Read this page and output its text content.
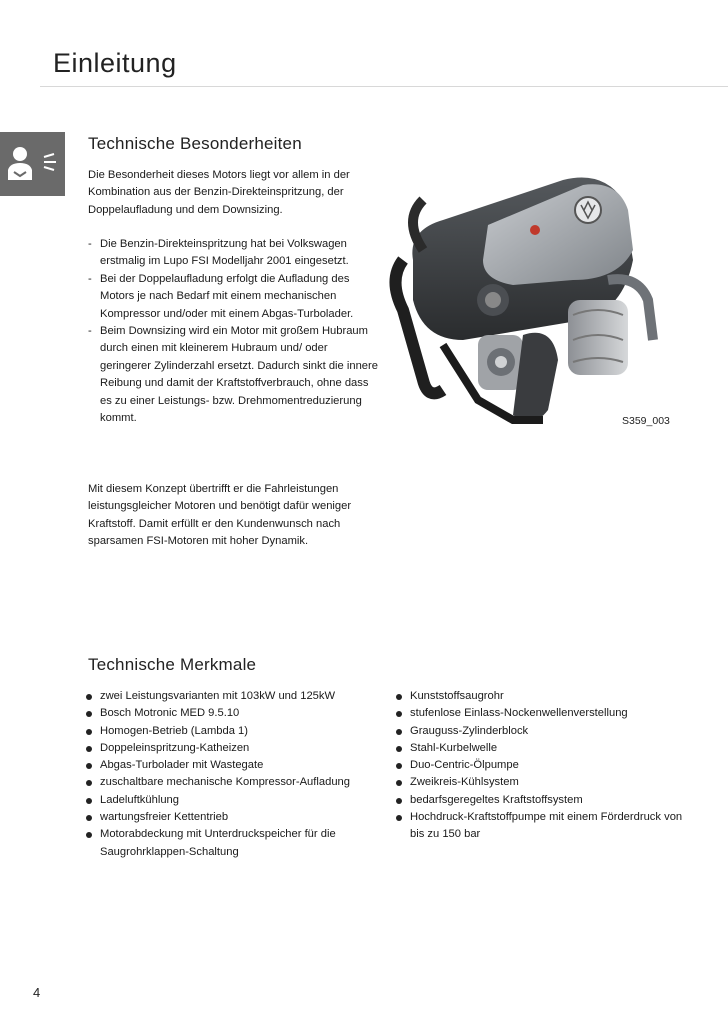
Einleitung
Technische Besonderheiten

Die Besonderheit dieses Motors liegt vor allem in der Kombination aus der Benzin-Direkteinspritzung, der Doppelaufladung und dem Downsizing.

- Die Benzin-Direkteinspritzung hat bei Volkswagen erstmalig im Lupo FSI Modelljahr 2001 eingesetzt.
- Bei der Doppelaufladung erfolgt die Aufladung des Motors je nach Bedarf mit einem mechanischen Kompressor und/oder mit einem Abgas-Turbolader.
- Beim Downsizing wird ein Motor mit großem Hubraum durch einen mit kleinerem Hubraum und/ oder geringerer Zylinderzahl ersetzt. Dadurch sinkt die innere Reibung und damit der Kraftstoffverbrauch, ohne dass es zu einer Leistungs- bzw. Drehmomentreduzierung kommt.

Mit diesem Konzept übertrifft er die Fahrleistungen leistungsgleicher Motoren und benötigt dafür weniger Kraftstoff. Damit erfüllt er den Kundenwunsch nach sparsamen FSI-Motoren mit hoher Dynamik.

S359_003
Technische Merkmale
zwei Leistungsvarianten mit 103kW und 125kW
Bosch Motronic MED 9.5.10
Homogen-Betrieb (Lambda 1)
Doppeleinspritzung-Katheizen
Abgas-Turbolader mit Wastegate
zuschaltbare mechanische Kompressor-Aufladung
Ladeluftkühlung
wartungsfreier Kettentrieb
Motorabdeckung mit Unterdruckspeicher für die Saugrohrklappen-Schaltung
Kunststoffsaugrohr
stufenlose Einlass-Nockenwellenverstellung
Grauguss-Zylinderblock
Stahl-Kurbelwelle
Duo-Centric-Ölpumpe
Zweikreis-Kühlsystem
bedarfsgeregeltes Kraftstoffsystem
Hochdruck-Kraftstoffpumpe mit einem Förderdruck von bis zu 150 bar
4
